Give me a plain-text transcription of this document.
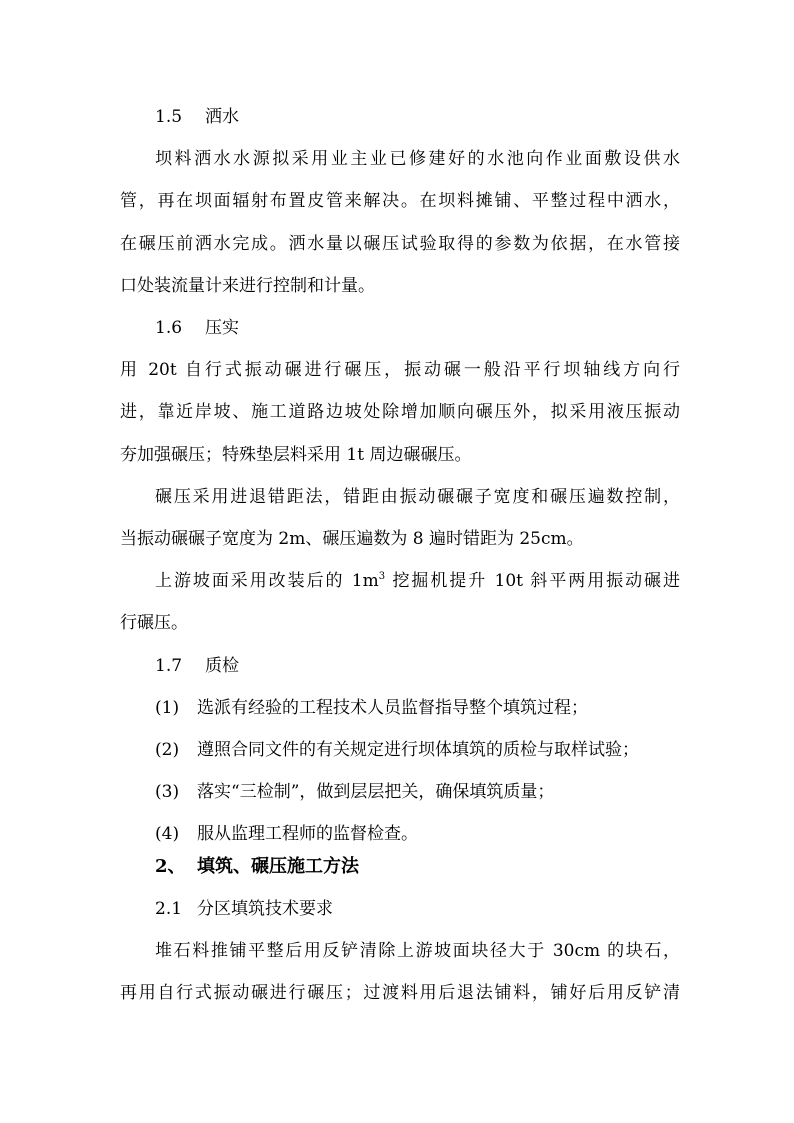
1.5 洒水
坝料洒水水源拟采用业主业已修建好的水池向作业面敷设供水
管，再在坝面辐射布置皮管来解决。在坝料摊铺、平整过程中洒水，
在碾压前洒水完成。洒水量以碾压试验取得的参数为依据，在水管接
口处装流量计来进行控制和计量。
1.6 压实
用 20t 自行式振动碾进行碾压，振动碾一般沿平行坝轴线方向行
进，靠近岸坡、施工道路边坡处除增加顺向碾压外，拟采用液压振动
夯加强碾压；特殊垫层料采用 1t 周边碾碾压。
碾压采用进退错距法，错距由振动碾碾子宽度和碾压遍数控制，
当振动碾碾子宽度为 2m、碾压遍数为 8 遍时错距为 25cm。
上游坡面采用改装后的 $1m^3$ 挖掘机提升 10t 斜平两用振动碾进
行碾压。
1.7 质检
(1) 选派有经验的工程技术人员监督指导整个填筑过程；
(2) 遵照合同文件的有关规定进行坝体填筑的质检与取样试验；
(3) 落实“三检制”，做到层层把关，确保填筑质量；
(4) 服从监理工程师的监督检查。
2、 填筑、碾压施工方法
2.1 分区填筑技术要求
堆石料推铺平整后用反铲清除上游坡面块径大于 30cm 的块石，
再用自行式振动碾进行碾压；过渡料用后退法铺料，铺好后用反铲清
